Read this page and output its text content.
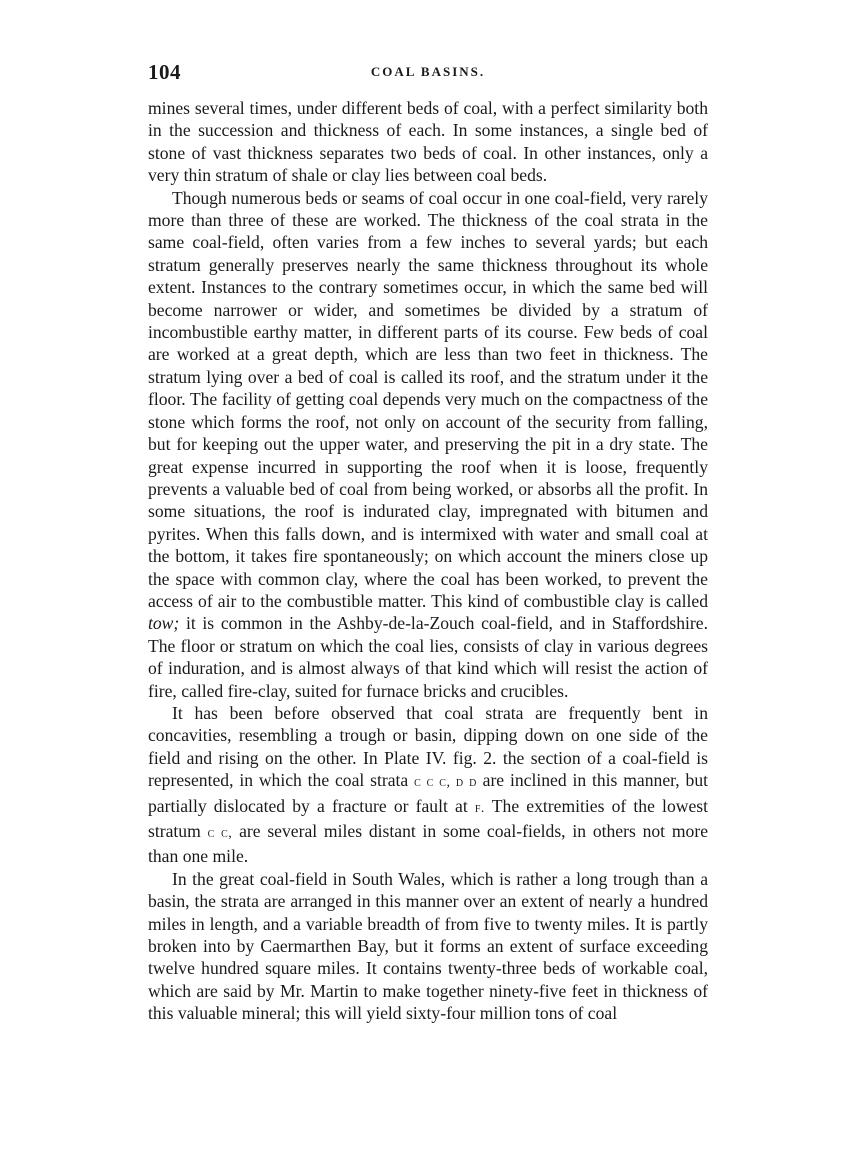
104	COAL BASINS.

mines several times, under different beds of coal, with a perfect similarity both in the succession and thickness of each. In some instances, a single bed of stone of vast thickness separates two beds of coal. In other instances, only a very thin stratum of shale or clay lies between coal beds.

Though numerous beds or seams of coal occur in one coal-field, very rarely more than three of these are worked. The thickness of the coal strata in the same coal-field, often varies from a few inches to several yards; but each stratum generally preserves nearly the same thickness throughout its whole extent. Instances to the contrary sometimes occur, in which the same bed will become narrower or wider, and sometimes be divided by a stratum of incombustible earthy matter, in different parts of its course. Few beds of coal are worked at a great depth, which are less than two feet in thickness. The stratum lying over a bed of coal is called its roof, and the stratum under it the floor. The facility of getting coal depends very much on the compactness of the stone which forms the roof, not only on account of the security from falling, but for keeping out the upper water, and preserving the pit in a dry state. The great expense incurred in supporting the roof when it is loose, frequently prevents a valuable bed of coal from being worked, or absorbs all the profit. In some situations, the roof is indurated clay, impregnated with bitumen and pyrites. When this falls down, and is intermixed with water and small coal at the bottom, it takes fire spontaneously; on which account the miners close up the space with common clay, where the coal has been worked, to prevent the access of air to the combustible matter. This kind of combustible clay is called tow; it is common in the Ashby-de-la-Zouch coal-field, and in Staffordshire. The floor or stratum on which the coal lies, consists of clay in various degrees of induration, and is almost always of that kind which will resist the action of fire, called fire-clay, suited for furnace bricks and crucibles.

It has been before observed that coal strata are frequently bent in concavities, resembling a trough or basin, dipping down on one side of the field and rising on the other. In Plate IV. fig. 2. the section of a coal-field is represented, in which the coal strata c c c, d d are inclined in this manner, but partially dislocated by a fracture or fault at f. The extremities of the lowest stratum c c, are several miles distant in some coal-fields, in others not more than one mile.

In the great coal-field in South Wales, which is rather a long trough than a basin, the strata are arranged in this manner over an extent of nearly a hundred miles in length, and a variable breadth of from five to twenty miles. It is partly broken into by Caermarthen Bay, but it forms an extent of surface exceeding twelve hundred square miles. It contains twenty-three beds of workable coal, which are said by Mr. Martin to make together ninety-five feet in thickness of this valuable mineral; this will yield sixty-four million tons of coal
